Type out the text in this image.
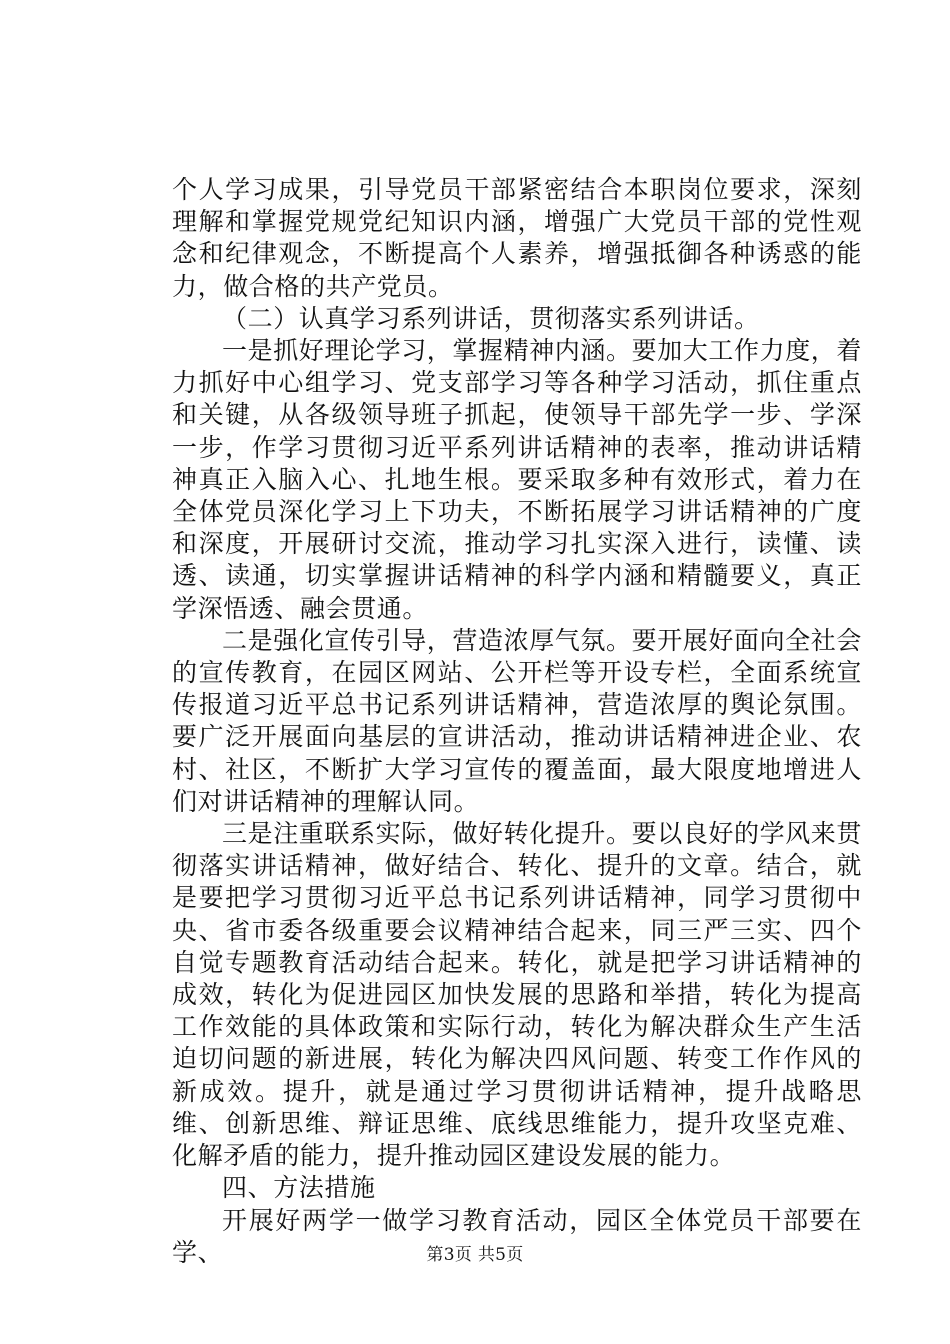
个人学习成果，引导党员干部紧密结合本职岗位要求，深刻理解和掌握党规党纪知识内涵，增强广大党员干部的党性观念和纪律观念，不断提高个人素养，增强抵御各种诱惑的能力，做合格的共产党员。

（二）认真学习系列讲话，贯彻落实系列讲话。

一是抓好理论学习，掌握精神内涵。要加大工作力度，着力抓好中心组学习、党支部学习等各种学习活动，抓住重点和关键，从各级领导班子抓起，使领导干部先学一步、学深一步，作学习贯彻习近平系列讲话精神的表率，推动讲话精神真正入脑入心、扎地生根。要采取多种有效形式，着力在全体党员深化学习上下功夫，不断拓展学习讲话精神的广度和深度，开展研讨交流，推动学习扎实深入进行，读懂、读透、读通，切实掌握讲话精神的科学内涵和精髓要义，真正学深悟透、融会贯通。

二是强化宣传引导，营造浓厚气氛。要开展好面向全社会的宣传教育，在园区网站、公开栏等开设专栏，全面系统宣传报道习近平总书记系列讲话精神，营造浓厚的舆论氛围。要广泛开展面向基层的宣讲活动，推动讲话精神进企业、农村、社区，不断扩大学习宣传的覆盖面，最大限度地增进人们对讲话精神的理解认同。

三是注重联系实际，做好转化提升。要以良好的学风来贯彻落实讲话精神，做好结合、转化、提升的文章。结合，就是要把学习贯彻习近平总书记系列讲话精神，同学习贯彻中央、省市委各级重要会议精神结合起来，同三严三实、四个自觉专题教育活动结合起来。转化，就是把学习讲话精神的成效，转化为促进园区加快发展的思路和举措，转化为提高工作效能的具体政策和实际行动，转化为解决群众生产生活迫切问题的新进展，转化为解决四风问题、转变工作作风的新成效。提升，就是通过学习贯彻讲话精神，提升战略思维、创新思维、辩证思维、底线思维能力，提升攻坚克难、化解矛盾的能力，提升推动园区建设发展的能力。

四、方法措施

开展好两学一做学习教育活动，园区全体党员干部要在学、	第3页 共5页
